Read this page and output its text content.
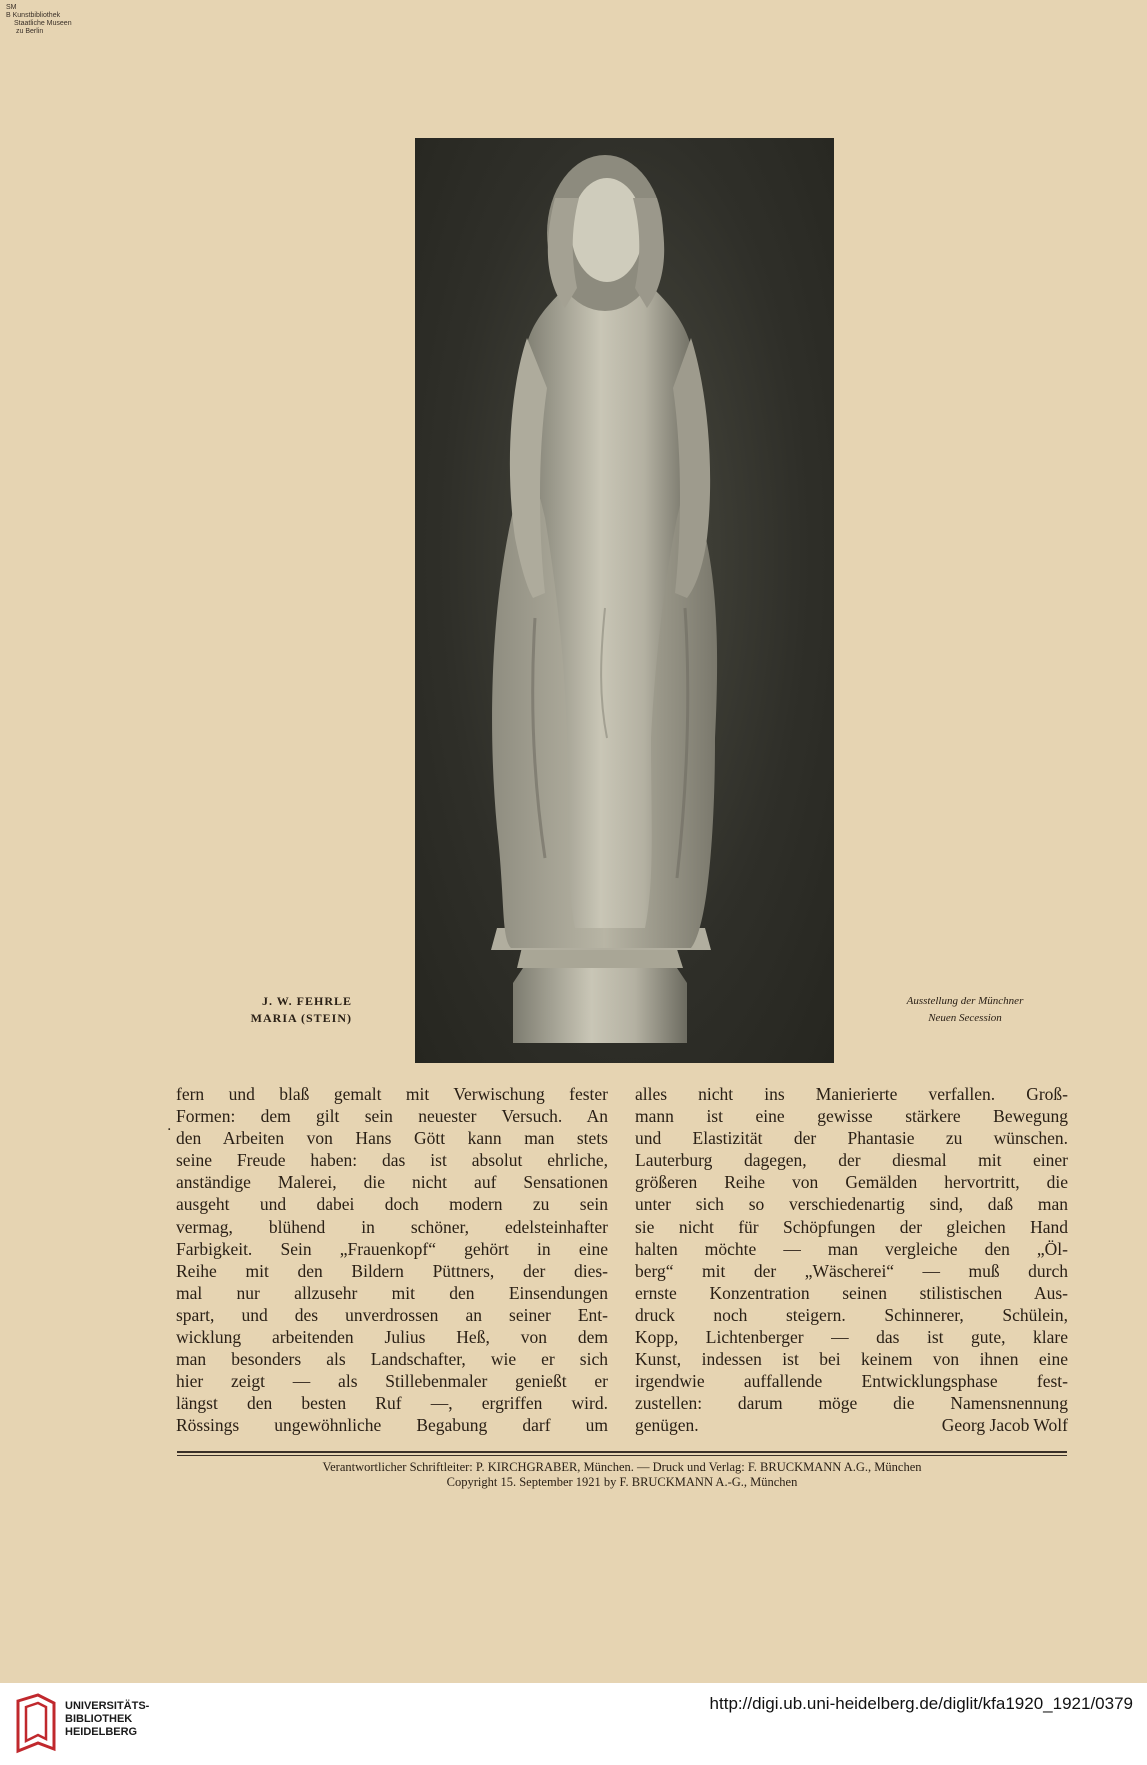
SM
B Kunstbibliothek
Staatliche Museen
zu Berlin
J. W. FEHRLE
MARIA (STEIN)
Ausstellung der Münchner
Neuen Secession
.
fern und blaß gemalt mit Verwischung fester
Formen: dem gilt sein neuester Versuch. An
den Arbeiten von Hans Gött kann man stets
seine Freude haben: das ist absolut ehrliche,
anständige Malerei, die nicht auf Sensationen
ausgeht und dabei doch modern zu sein
vermag, blühend in schöner, edelsteinhafter
Farbigkeit. Sein „Frauenkopf“ gehört in eine
Reihe mit den Bildern Püttners, der dies-
mal nur allzusehr mit den Einsendungen
spart, und des unverdrossen an seiner Ent-
wicklung arbeitenden Julius Heß, von dem
man besonders als Landschafter, wie er sich
hier zeigt — als Stillebenmaler genießt er
längst den besten Ruf —, ergriffen wird.
Rössings ungewöhnliche Begabung darf um
alles nicht ins Manierierte verfallen. Groß-
mann ist eine gewisse stärkere Bewegung
und Elastizität der Phantasie zu wünschen.
Lauterburg dagegen, der diesmal mit einer
größeren Reihe von Gemälden hervortritt, die
unter sich so verschiedenartig sind, daß man
sie nicht für Schöpfungen der gleichen Hand
halten möchte — man vergleiche den „Öl-
berg“ mit der „Wäscherei“ — muß durch
ernste Konzentration seinen stilistischen Aus-
druck noch steigern. Schinnerer, Schülein,
Kopp, Lichtenberger — das ist gute, klare
Kunst, indessen ist bei keinem von ihnen eine
irgendwie auffallende Entwicklungsphase fest-
zustellen: darum möge die Namensnennung
genügen.	Georg Jacob Wolf
Verantwortlicher Schriftleiter: P. KIRCHGRABER, München. — Druck und Verlag: F. BRUCKMANN A.G., München
Copyright 15. September 1921 by F. BRUCKMANN A.-G., München
UNIVERSITÄTS-
BIBLIOTHEK
HEIDELBERG
http://digi.ub.uni-heidelberg.de/diglit/kfa1920_1921/0379
